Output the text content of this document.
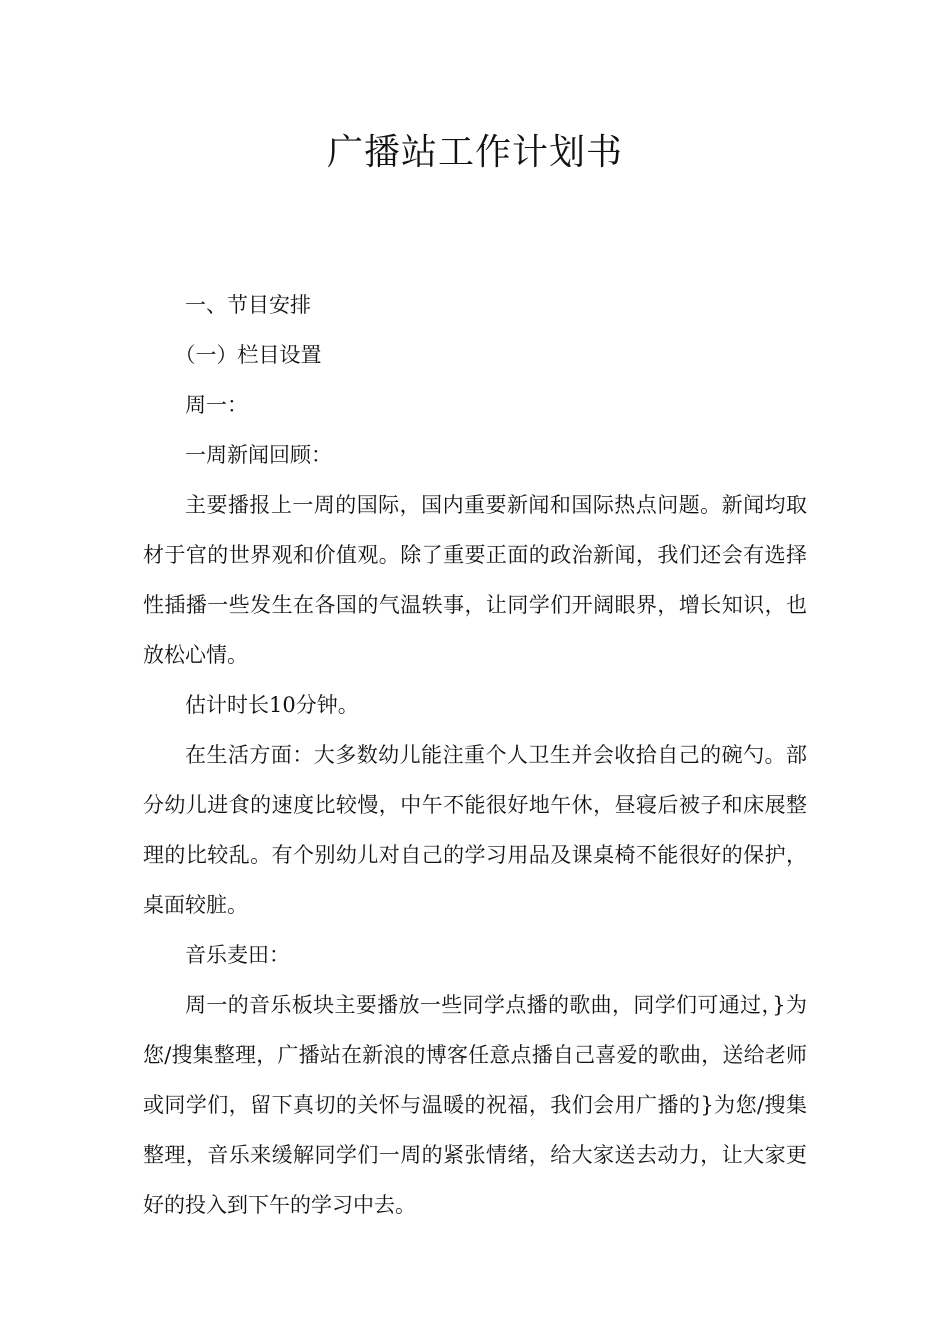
广播站工作计划书

一、节目安排

（一）栏目设置

周一：

一周新闻回顾：

主要播报上一周的国际，国内重要新闻和国际热点问题。新闻均取材于官的世界观和价值观。除了重要正面的政治新闻，我们还会有选择性插播一些发生在各国的气温轶事，让同学们开阔眼界，增长知识，也放松心情。

估计时长10分钟。

在生活方面：大多数幼儿能注重个人卫生并会收拾自己的碗勺。部分幼儿进食的速度比较慢，中午不能很好地午休，昼寝后被子和床展整理的比较乱。有个别幼儿对自己的学习用品及课桌椅不能很好的保护，桌面较脏。

音乐麦田：

周一的音乐板块主要播放一些同学点播的歌曲，同学们可通过，}为您/搜集整理，广播站在新浪的博客任意点播自己喜爱的歌曲，送给老师或同学们，留下真切的关怀与温暖的祝福，我们会用广播的}为您/搜集整理，音乐来缓解同学们一周的紧张情绪，给大家送去动力，让大家更好的投入到下午的学习中去。
